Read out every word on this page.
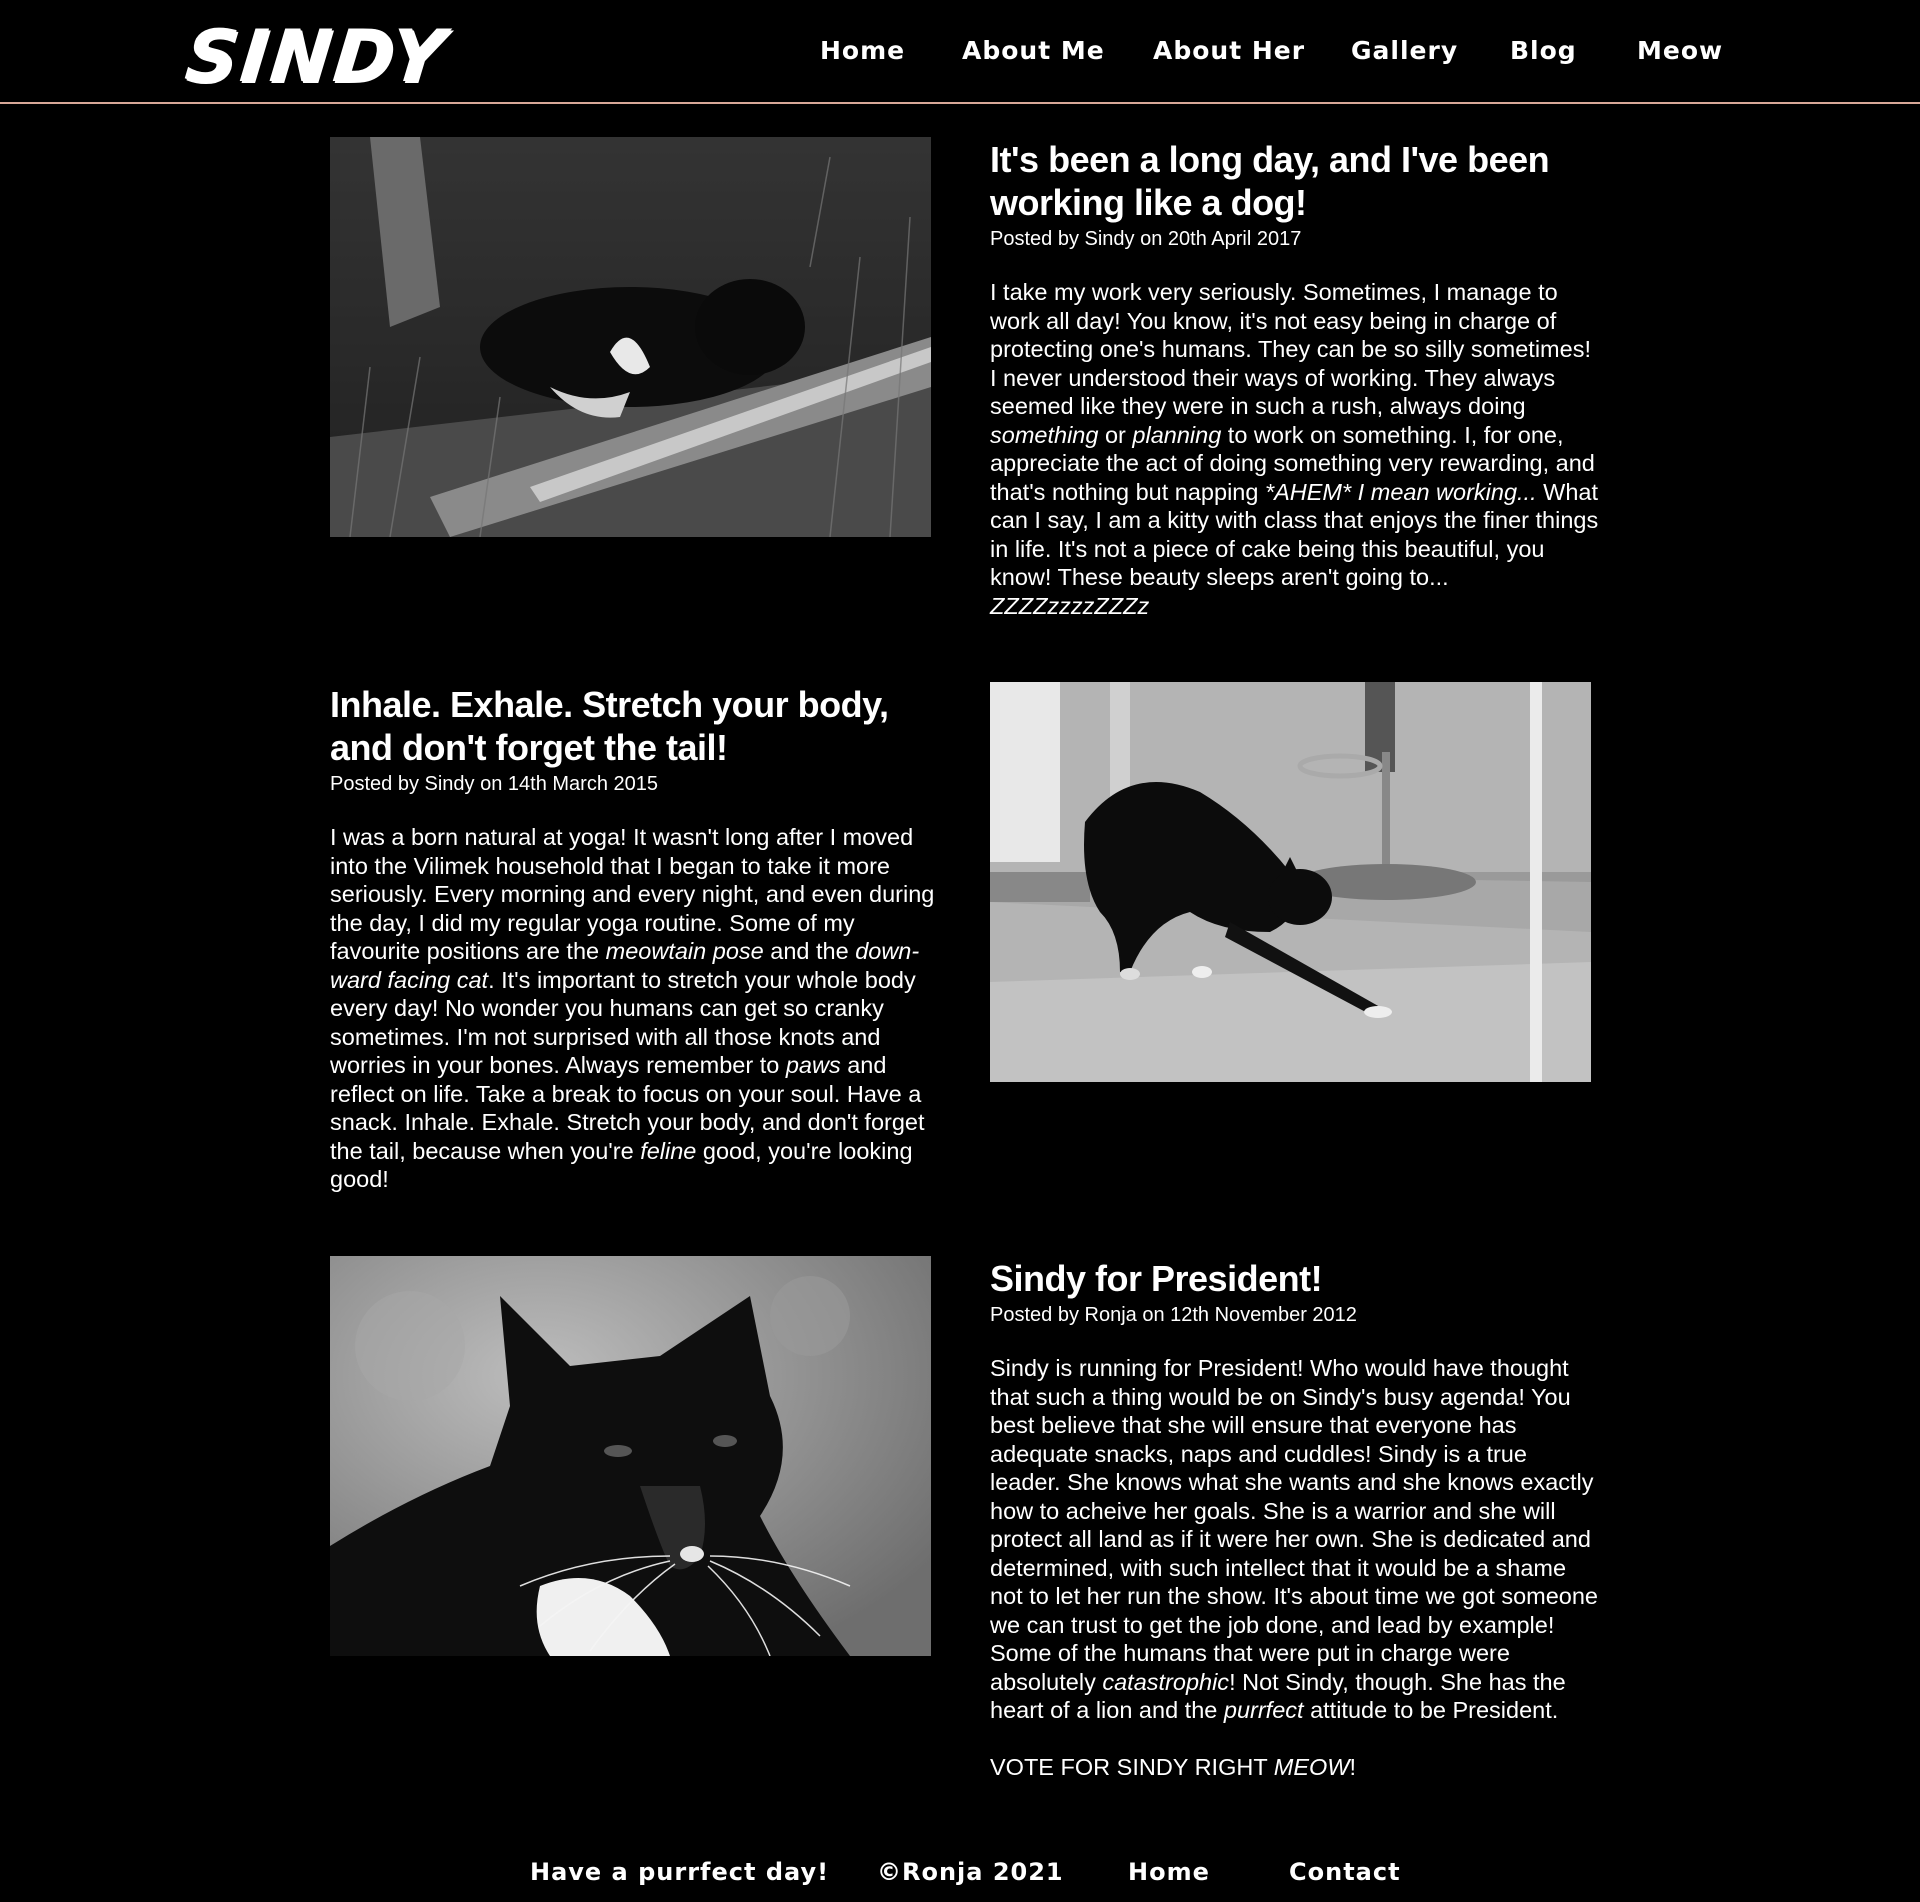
SINDY	Home About Me About Her Gallery Blog Meow
It's been a long day, and I've been working like a dog!
Posted by Sindy on 20th April 2017

I take my work very seriously. Sometimes, I manage to work all day! You know, it's not easy being in charge of protecting one's humans. They can be so silly sometimes! I never understood their ways of working. They always seemed like they were in such a rush, always doing something or planning to work on something. I, for one, appreciate the act of doing something very rewarding, and that's nothing but napping *AHEM* I mean working... What can I say, I am a kitty with class that enjoys the finer things in life. It's not a piece of cake being this beautiful, you know! These beauty sleeps aren't going to... ZZZZzzzzZZZz

Inhale. Exhale. Stretch your body, and don't forget the tail!
Posted by Sindy on 14th March 2015

I was a born natural at yoga! It wasn't long after I moved into the Vilimek household that I began to take it more seriously. Every morning and every night, and even during the day, I did my regular yoga routine. Some of my favourite positions are the meowtain pose and the down-ward facing cat. It's important to stretch your whole body every day! No wonder you humans can get so cranky sometimes. I'm not surprised with all those knots and worries in your bones. Always remember to paws and reflect on life. Take a break to focus on your soul. Have a snack. Inhale. Exhale. Stretch your body, and don't forget the tail, because when you're feline good, you're looking good!

Sindy for President!
Posted by Ronja on 12th November 2012

Sindy is running for President! Who would have thought that such a thing would be on Sindy's busy agenda! You best believe that she will ensure that everyone has adequate snacks, naps and cuddles! Sindy is a true leader. She knows what she wants and she knows exactly how to acheive her goals. She is a warrior and she will protect all land as if it were her own. She is dedicated and determined, with such intellect that it would be a shame not to let her run the show. It's about time we got someone we can trust to get the job done, and lead by example! Some of the humans that were put in charge were absolutely catastrophic! Not Sindy, though. She has the heart of a lion and the purrfect attitude to be President.

VOTE FOR SINDY RIGHT MEOW!

Have a purrfect day! ©Ronja 2021	Home	Contact
